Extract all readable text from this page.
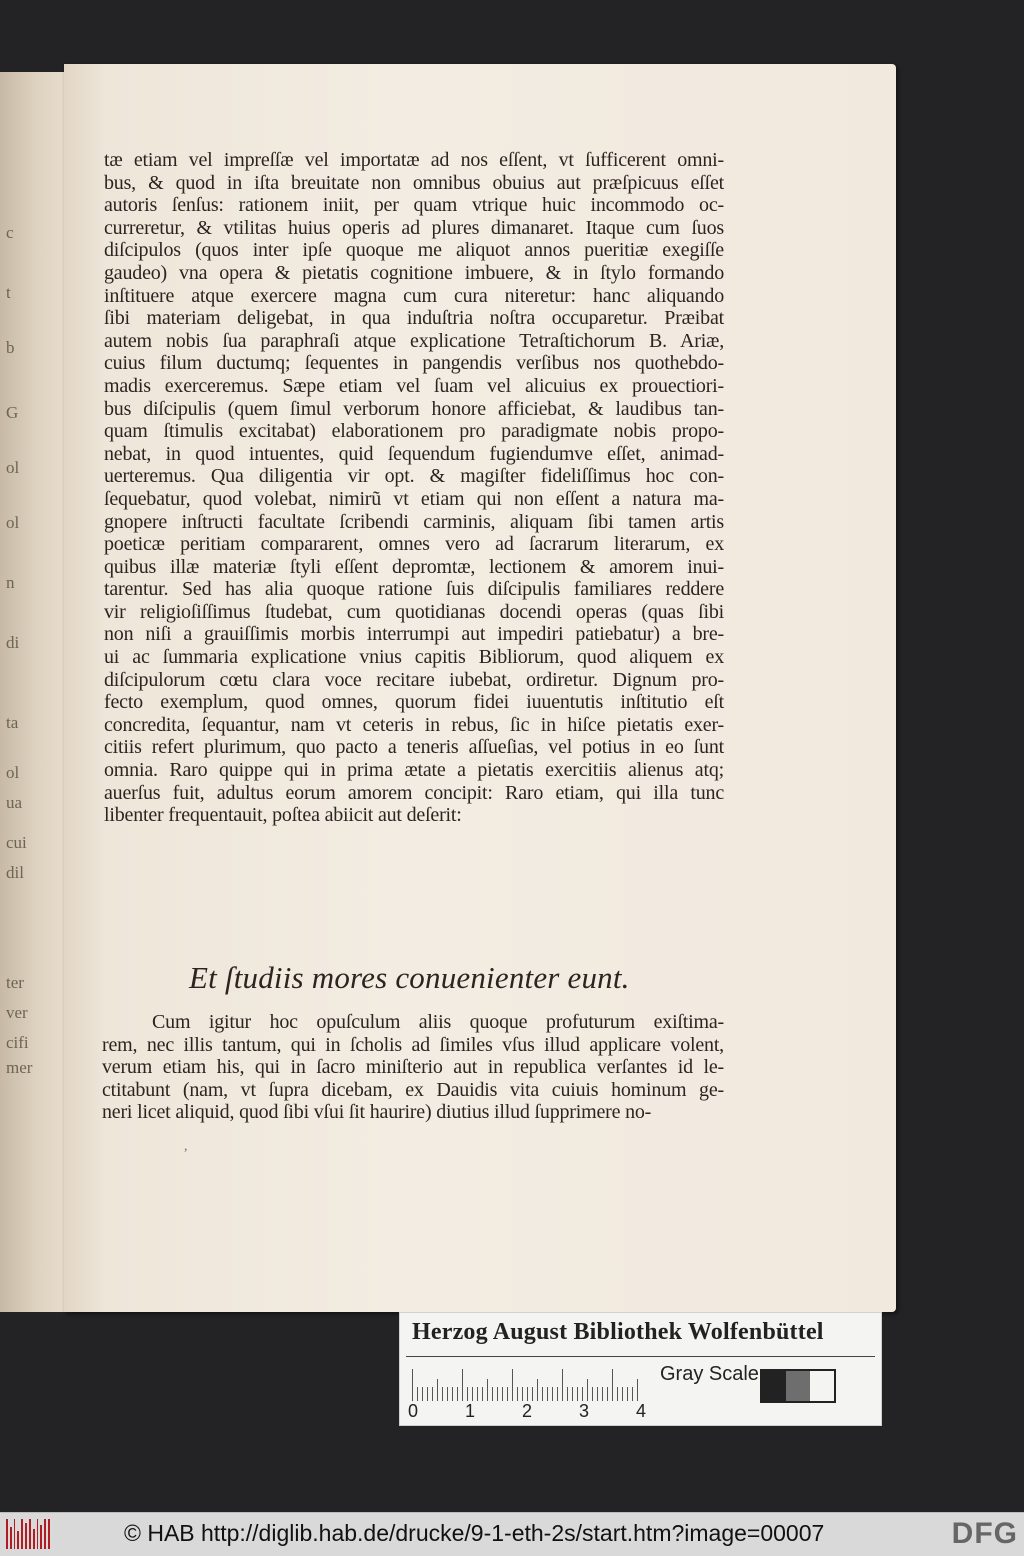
c
t
b
G
ol
ol
n
di
ta
ol
ua
cui
dil
ter
ver
cifi
mer
tæ etiam vel impreſſæ vel importatæ ad nos eſſent, vt ſufficerent omni-
bus, & quod in iſta breuitate non omnibus obuius aut præſpicuus eſſet
autoris ſenſus: rationem iniit, per quam vtrique huic incommodo oc-
curreretur, & vtilitas huius operis ad plures dimanaret. Itaque cum ſuos
diſcipulos (quos inter ipſe quoque me aliquot annos pueritiæ exegiſſe
gaudeo) vna opera & pietatis cognitione imbuere, & in ſtylo formando
inſtituere atque exercere magna cum cura niteretur: hanc aliquando
ſibi materiam deligebat, in qua induſtria noſtra occuparetur. Præibat
autem nobis ſua paraphraſi atque explicatione Tetraſtichorum B. Ariæ,
cuius filum ductumq; ſequentes in pangendis verſibus nos quothebdo-
madis exerceremus. Sæpe etiam vel ſuam vel alicuius ex prouectiori-
bus diſcipulis (quem ſimul verborum honore afficiebat, & laudibus tan-
quam ſtimulis excitabat) elaborationem pro paradigmate nobis propo-
nebat, in quod intuentes, quid ſequendum fugiendumve eſſet, animad-
uerteremus. Qua diligentia vir opt. & magiſter fideliſſimus hoc con-
ſequebatur, quod volebat, nimirũ vt etiam qui non eſſent a natura ma-
gnopere inſtructi facultate ſcribendi carminis, aliquam ſibi tamen artis
poeticæ peritiam compararent, omnes vero ad ſacrarum literarum, ex
quibus illæ materiæ ſtyli eſſent depromtæ, lectionem & amorem inui-
tarentur. Sed has alia quoque ratione ſuis diſcipulis familiares reddere
vir religioſiſſimus ſtudebat, cum quotidianas docendi operas (quas ſibi
non niſi a grauiſſimis morbis interrumpi aut impediri patiebatur) a bre-
ui ac ſummaria explicatione vnius capitis Bibliorum, quod aliquem ex
diſcipulorum cœtu clara voce recitare iubebat, ordiretur. Dignum pro-
fecto exemplum, quod omnes, quorum fidei iuuentutis inſtitutio eſt
concredita, ſequantur, nam vt ceteris in rebus, ſic in hiſce pietatis exer-
citiis refert plurimum, quo pacto a teneris aſſueſias, vel potius in eo ſunt
omnia. Raro quippe qui in prima ætate a pietatis exercitiis alienus atq;
auerſus fuit, adultus eorum amorem concipit: Raro etiam, qui illa tunc
libenter frequentauit, poſtea abiicit aut deſerit:
Et ſtudiis mores conuenienter eunt.
Cum igitur hoc opuſculum aliis quoque profuturum exiſtima-
rem, nec illis tantum, qui in ſcholis ad ſimiles vſus illud applicare volent,
verum etiam his, qui in ſacro miniſterio aut in republica verſantes id le-
ctitabunt (nam, vt ſupra dicebam, ex Dauidis vita cuiuis hominum ge-
neri licet aliquid, quod ſibi vſui ſit haurire) diutius illud ſupprimere no-
,
Herzog August Bibliothek Wolfenbüttel
0	1	2	3	4
Gray Scale
© HAB http://diglib.hab.de/drucke/9-1-eth-2s/start.htm?image=00007	DFG
